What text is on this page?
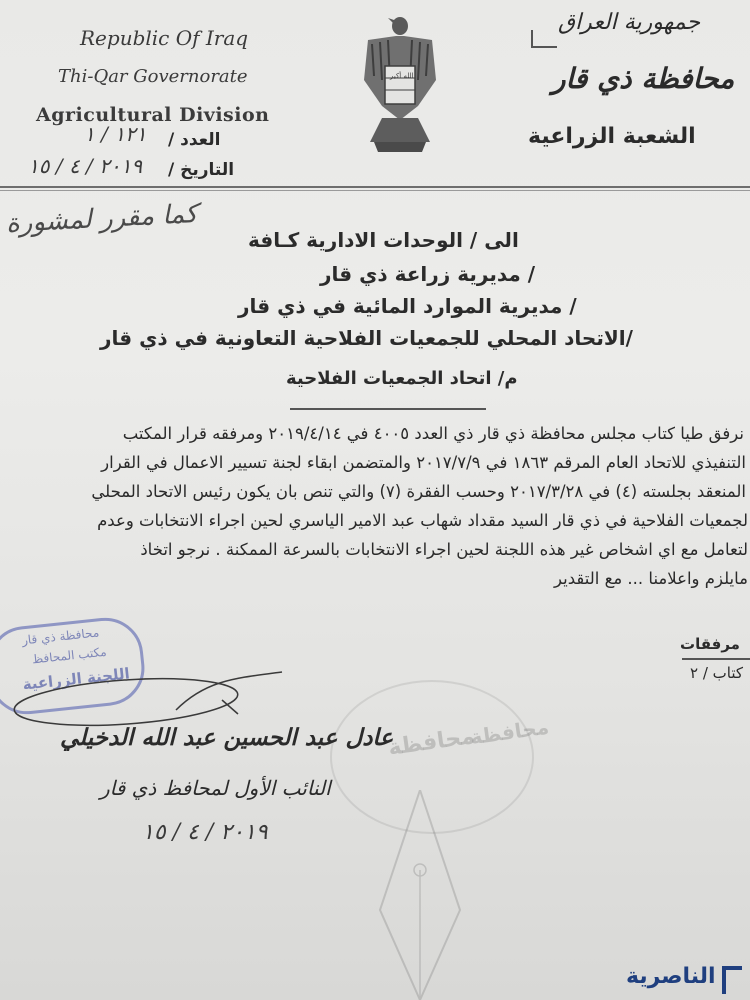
Republic Of Iraq
Thi-Qar Governorate
Agricultural Division
العدد /
١٢١ / ١
التاريخ /
٢٠١٩ / ٤ / ١٥
الله أكبر
جمهورية العراق
محافظة ذي قار
الشعبة الزراعية
كما مقرر لمشورة
الى / الوحدات الادارية كـافة
/ مديرية زراعة ذي قار
/ مديرية الموارد المائية في ذي قار
/الاتحاد المحلي للجمعيات الفلاحية التعاونية في ذي قار
م/ اتحاد الجمعيات الفلاحية
نرفق طيا كتاب مجلس محافظة ذي قار ذي العدد ٤٠٠٥ في ٢٠١٩/٤/١٤ ومرفقه قرار المكتب
التنفيذي للاتحاد العام المرقم ١٨٦٣ في ٢٠١٧/٧/٩ والمتضمن ابقاء لجنة تسيير الاعمال في القرار
المنعقد بجلسته (٤) في ٢٠١٧/٣/٢٨ وحسب الفقرة (٧) والتي تنص بان يكون رئيس الاتحاد المحلي
لجمعيات الفلاحية في ذي قار السيد مقداد شهاب عبد الامير الياسري لحين اجراء الانتخابات وعدم
لتعامل مع اي اشخاص غير هذه اللجنة لحين اجراء الانتخابات بالسرعة الممكنة . نرجو اتخاذ
مايلزم واعلامنا ... مع التقدير
محافظة ذي قار
مكتب المحافظ
اللجنة الزراعية
مرفقات
كتاب / ٢
محافظة
محافظة
عادل عبد الحسين عبد الله الدخيلي
النائب الأول لمحافظ ذي قار
٢٠١٩ / ٤ / ١٥
الناصرية
